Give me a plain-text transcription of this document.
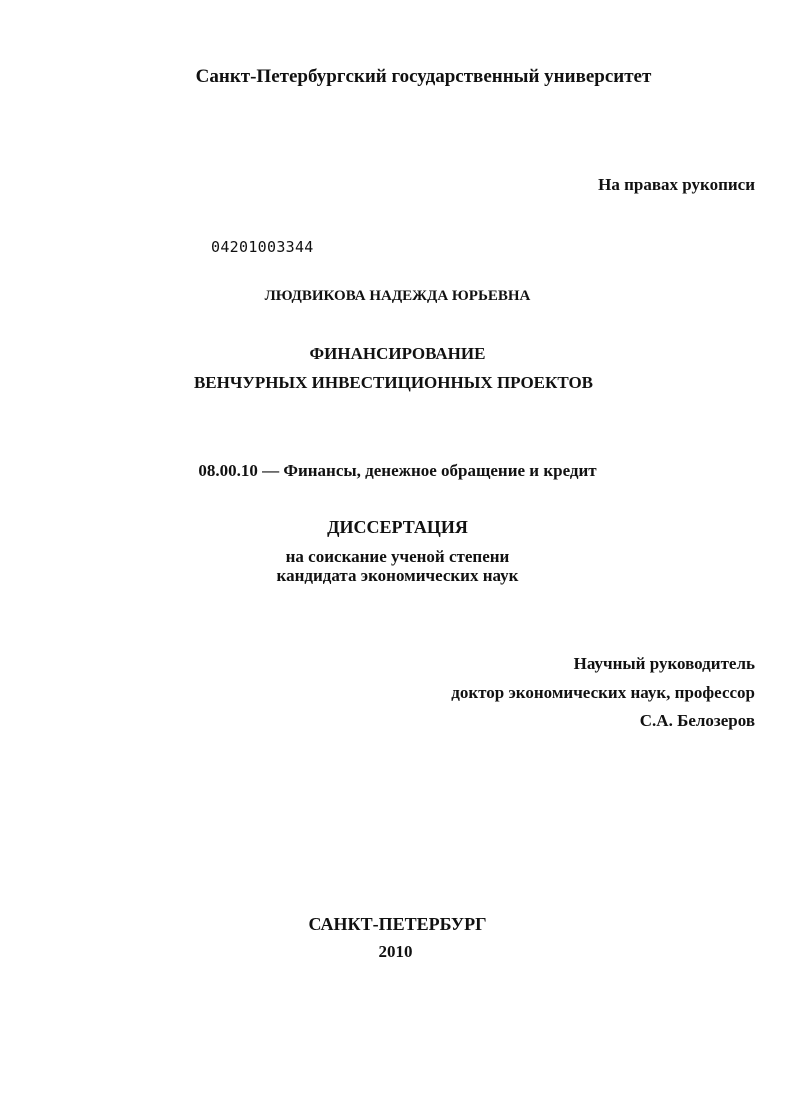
Санкт-Петербургский государственный университет
На правах рукописи
04201003344
ЛЮДВИКОВА НАДЕЖДА ЮРЬЕВНА
ФИНАНСИРОВАНИЕ
ВЕНЧУРНЫХ ИНВЕСТИЦИОННЫХ ПРОЕКТОВ
08.00.10 — Финансы, денежное обращение и кредит
ДИССЕРТАЦИЯ
на соискание ученой степени
кандидата экономических наук
Научный руководитель
доктор экономических наук, профессор
С.А. Белозеров
САНКТ-ПЕТЕРБУРГ
2010
